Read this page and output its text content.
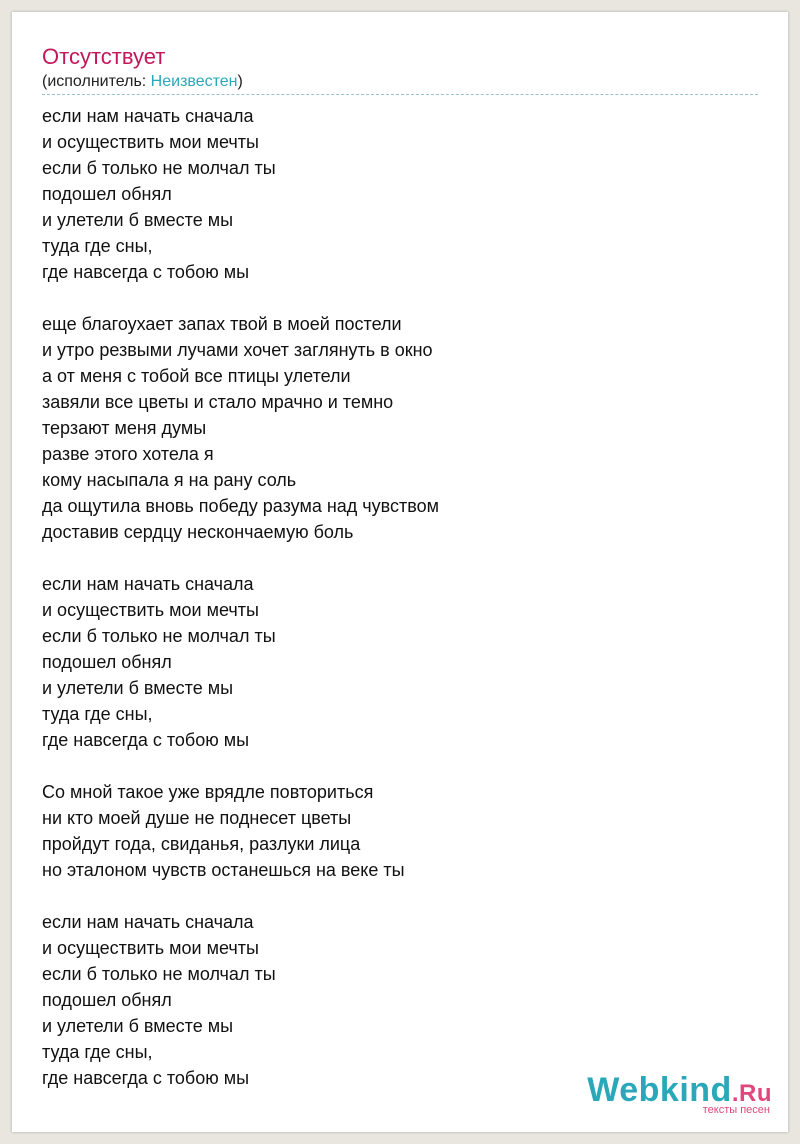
Отсутствует
(исполнитель: Неизвестен)
если нам начать сначала
и осуществить мои мечты
если б только не молчал ты
подошел обнял
и улетели б вместе мы
туда где сны,
где навсегда с тобою мы
еще благоухает запах твой в моей постели
и утро резвыми лучами хочет заглянуть в окно
а от меня с тобой все птицы улетели
завяли все цветы и стало мрачно и темно
терзают меня думы
разве этого хотела я
кому насыпала я на рану соль
да ощутила вновь победу разума над чувством
доставив сердцу нескончаемую боль
если нам начать сначала
и осуществить мои мечты
если б только не молчал ты
подошел обнял
и улетели б вместе мы
туда где сны,
где навсегда с тобою мы
Со мной такое уже врядле повториться
ни кто моей душе не поднесет цветы
пройдут года, свиданья, разлуки лица
но эталоном чувств останешься на веке ты
если нам начать сначала
и осуществить мои мечты
если б только не молчал ты
подошел обнял
и улетели б вместе мы
туда где сны,
где навсегда с тобою мы	Webkind.Ru
тексты песен
